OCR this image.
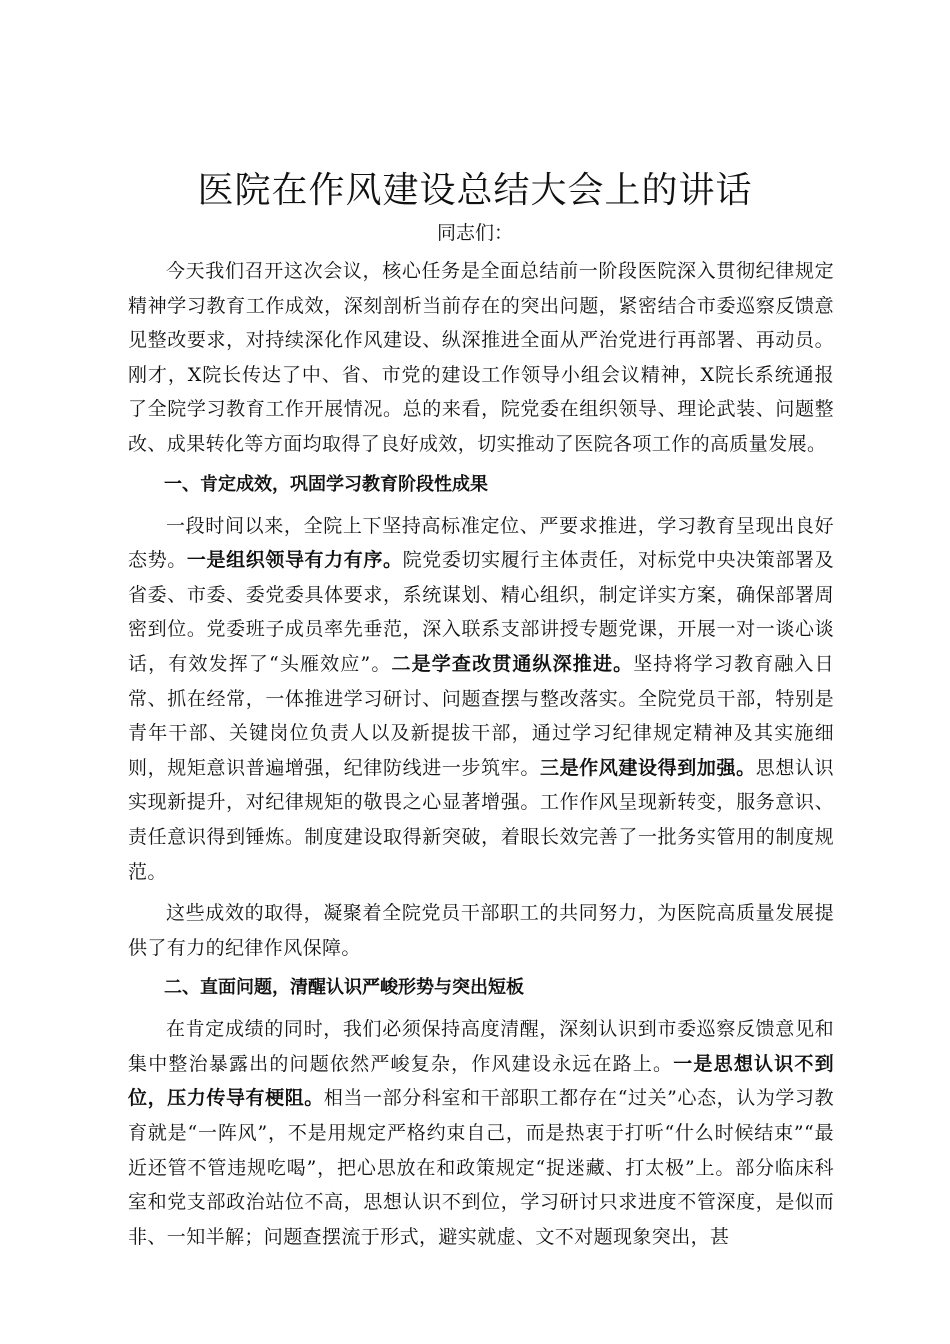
医院在作风建设总结大会上的讲话

同志们：

今天我们召开这次会议，核心任务是全面总结前一阶段医院深入贯彻纪律规定精神学习教育工作成效，深刻剖析当前存在的突出问题，紧密结合市委巡察反馈意见整改要求，对持续深化作风建设、纵深推进全面从严治党进行再部署、再动员。刚才，X院长传达了中、省、市党的建设工作领导小组会议精神，X院长系统通报了全院学习教育工作开展情况。总的来看，院党委在组织领导、理论武装、问题整改、成果转化等方面均取得了良好成效，切实推动了医院各项工作的高质量发展。

一、肯定成效，巩固学习教育阶段性成果

一段时间以来，全院上下坚持高标准定位、严要求推进，学习教育呈现出良好态势。一是组织领导有力有序。院党委切实履行主体责任，对标党中央决策部署及省委、市委、委党委具体要求，系统谋划、精心组织，制定详实方案，确保部署周密到位。党委班子成员率先垂范，深入联系支部讲授专题党课，开展一对一谈心谈话，有效发挥了“头雁效应”。二是学查改贯通纵深推进。坚持将学习教育融入日常、抓在经常，一体推进学习研讨、问题查摆与整改落实。全院党员干部，特别是青年干部、关键岗位负责人以及新提拔干部，通过学习纪律规定精神及其实施细则，规矩意识普遍增强，纪律防线进一步筑牢。三是作风建设得到加强。思想认识实现新提升，对纪律规矩的敬畏之心显著增强。工作作风呈现新转变，服务意识、责任意识得到锤炼。制度建设取得新突破，着眼长效完善了一批务实管用的制度规范。

这些成效的取得，凝聚着全院党员干部职工的共同努力，为医院高质量发展提供了有力的纪律作风保障。

二、直面问题，清醒认识严峻形势与突出短板

在肯定成绩的同时，我们必须保持高度清醒，深刻认识到市委巡察反馈意见和集中整治暴露出的问题依然严峻复杂，作风建设永远在路上。一是思想认识不到位，压力传导有梗阻。相当一部分科室和干部职工都存在“过关”心态，认为学习教育就是“一阵风”，不是用规定严格约束自己，而是热衷于打听“什么时候结束”“最近还管不管违规吃喝”，把心思放在和政策规定“捉迷藏、打太极”上。部分临床科室和党支部政治站位不高，思想认识不到位，学习研讨只求进度不管深度，是似而非、一知半解；问题查摆流于形式，避实就虚、文不对题现象突出，甚
